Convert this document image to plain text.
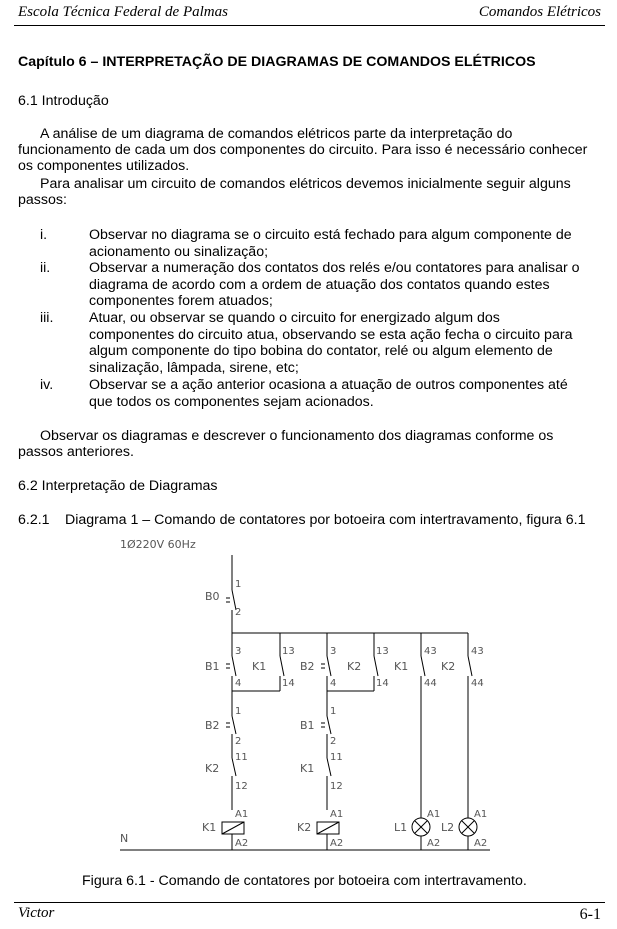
Escola Técnica Federal de Palmas	Comandos Elétricos
Capítulo 6 – INTERPRETAÇÃO DE DIAGRAMAS DE COMANDOS ELÉTRICOS
6.1 Introdução
A análise de um diagrama de comandos elétricos parte da interpretação do
funcionamento de cada um dos componentes do circuito. Para isso é necessário conhecer
os componentes utilizados.
Para analisar um circuito de comandos elétricos devemos inicialmente seguir alguns
passos:
i.	Observar no diagrama se o circuito está fechado para algum componente de
acionamento ou sinalização;
ii.	Observar a numeração dos contatos dos relés e/ou contatores para analisar o
diagrama de acordo com a ordem de atuação dos contatos quando estes
componentes forem atuados;
iii.	Atuar, ou observar se quando o circuito for energizado algum dos
componentes do circuito atua, observando se esta ação fecha o circuito para
algum componente do tipo bobina do contator, relé ou algum elemento de
sinalização, lâmpada, sirene, etc;
iv.	Observar se a ação anterior ocasiona a atuação de outros componentes até
que todos os componentes sejam acionados.
Observar os diagramas e descrever o funcionamento dos diagramas conforme os
passos anteriores.
6.2 Interpretação de Diagramas
6.2.1 Diagrama 1 – Comando de contatores por botoeira com intertravamento, figura 6.1
1Ø220V 60Hz
N
B0
1
2
B1
3
4
K1
13
14
B2
1
2
K2
11
12
K1
A1
A2
B2
3
4
K2
13
14
B1
1
2
K1
11
12
K2
A1
A2
K1
43
44
L1
A1
A2
K2
43
44
L2
A1
A2
Figura 6.1 - Comando de contatores por botoeira com intertravamento.
Victor	6-1
